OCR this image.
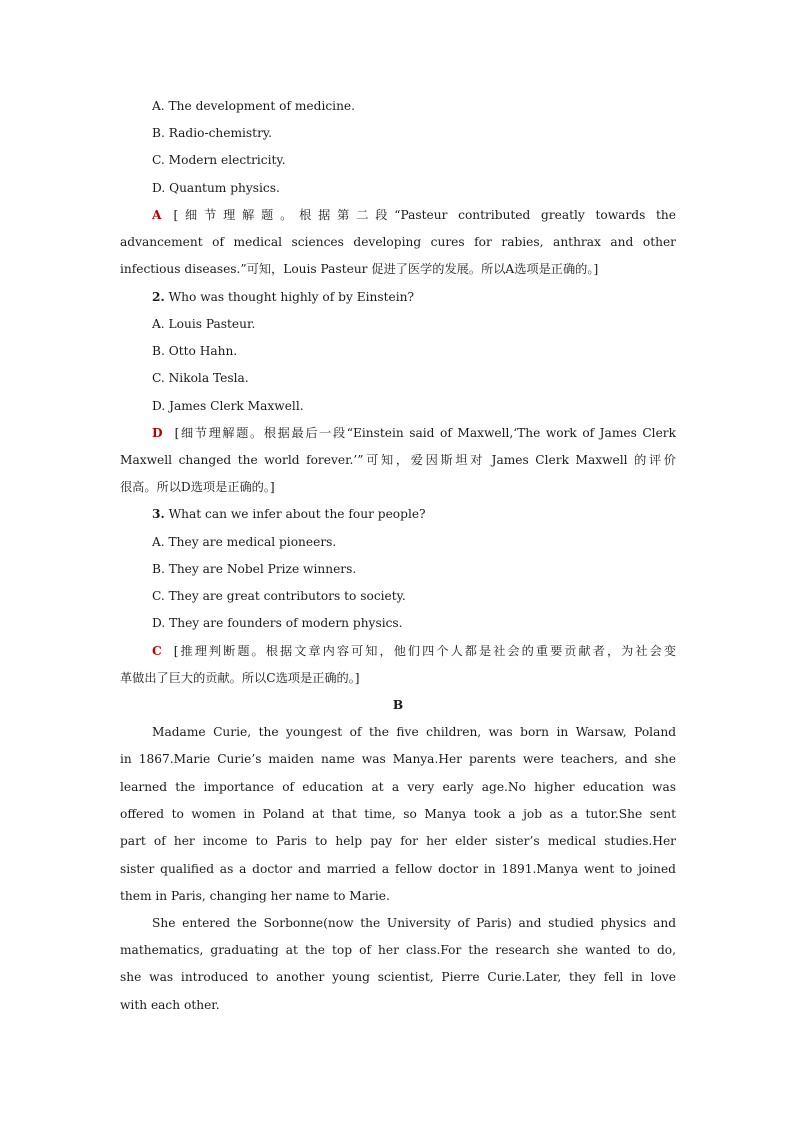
A. The development of medicine.
B. Radio-chemistry.
C. Modern electricity.
D. Quantum physics.
A [细节理解题。根据第二段“Pasteur contributed greatly towards the
advancement of medical sciences developing cures for rabies, anthrax and other
infectious diseases.”可知，Louis Pasteur 促进了医学的发展。所以A选项是正确的。]
2. Who was thought highly of by Einstein?
A. Louis Pasteur.
B. Otto Hahn.
C. Nikola Tesla.
D. James Clerk Maxwell.
D [细节理解题。根据最后一段“Einstein said of Maxwell,‘The work of James Clerk
Maxwell changed the world forever.’”可知，爱因斯坦对 James Clerk Maxwell 的评价
很高。所以D选项是正确的。]
3. What can we infer about the four people?
A. They are medical pioneers.
B. They are Nobel Prize winners.
C. They are great contributors to society.
D. They are founders of modern physics.
C [推理判断题。根据文章内容可知，他们四个人都是社会的重要贡献者，为社会变
革做出了巨大的贡献。所以C选项是正确的。]
B
Madame Curie, the youngest of the five children, was born in Warsaw, Poland
in 1867.Marie Curie’s maiden name was Manya.Her parents were teachers, and she
learned the importance of education at a very early age.No higher education was
offered to women in Poland at that time, so Manya took a job as a tutor.She sent
part of her income to Paris to help pay for her elder sister’s medical studies.Her
sister qualified as a doctor and married a fellow doctor in 1891.Manya went to joined
them in Paris, changing her name to Marie.
She entered the Sorbonne(now the University of Paris) and studied physics and
mathematics, graduating at the top of her class.For the research she wanted to do,
she was introduced to another young scientist, Pierre Curie.Later, they fell in love
with each other.
